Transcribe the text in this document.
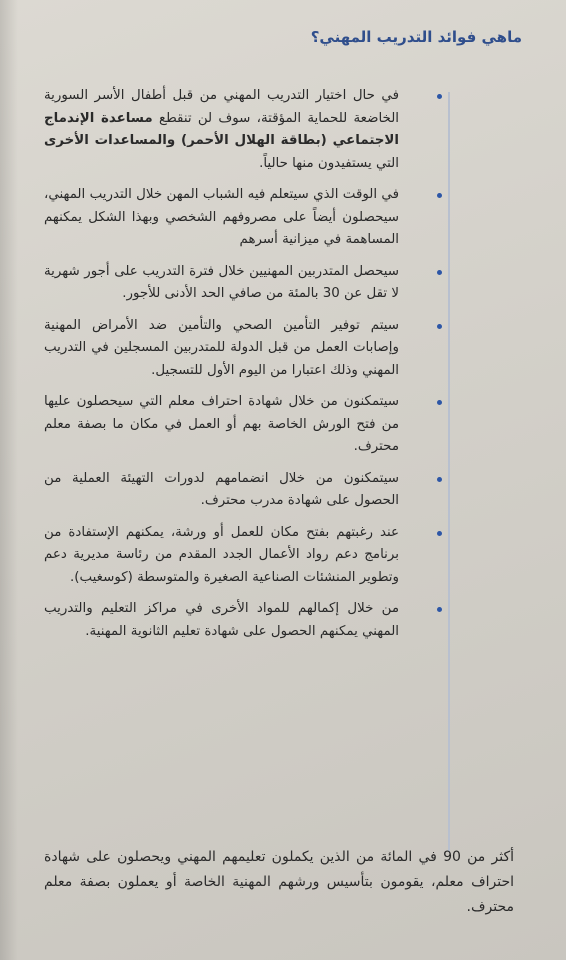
ماهي فوائد التدريب المهني؟
في حال اختيار التدريب المهني من قبل أطفال الأسر السورية الخاضعة للحماية المؤقتة، سوف لن تنقطع مساعدة الإندماج الاجتماعي (بطاقة الهلال الأحمر) والمساعدات الأخرى التي يستفيدون منها حالياً.
في الوقت الذي سيتعلم فيه الشباب المهن خلال التدريب المهني، سيحصلون أيضاً على مصروفهم الشخصي وبهذا الشكل يمكنهم المساهمة في ميزانية أسرهم
سيحصل المتدربين المهنيين خلال فترة التدريب على أجور شهرية لا تقل عن 30 بالمئة من صافي الحد الأدنى للأجور.
سيتم توفير التأمين الصحي والتأمين ضد الأمراض المهنية وإصابات العمل من قبل الدولة للمتدربين المسجلين في التدريب المهني وذلك اعتبارا من اليوم الأول للتسجيل.
سيتمكنون من خلال شهادة احتراف معلم التي سيحصلون عليها من فتح الورش الخاصة بهم أو العمل في مكان ما بصفة معلم محترف.
سيتمكنون من خلال انضمامهم لدورات التهيئة العملية من الحصول على شهادة مدرب محترف.
عند رغبتهم بفتح مكان للعمل أو ورشة، يمكنهم الإستفادة من برنامج دعم رواد الأعمال الجدد المقدم من رئاسة مديرية دعم وتطوير المنشئات الصناعية الصغيرة والمتوسطة (كوسغيب).
من خلال إكمالهم للمواد الأخرى في مراكز التعليم والتدريب المهني يمكنهم الحصول على شهادة تعليم الثانوية المهنية.

أكثر من 90 في المائة من الذين يكملون تعليمهم المهني ويحصلون على شهادة احتراف معلم، يقومون بتأسيس ورشهم المهنية الخاصة أو يعملون بصفة معلم محترف.
